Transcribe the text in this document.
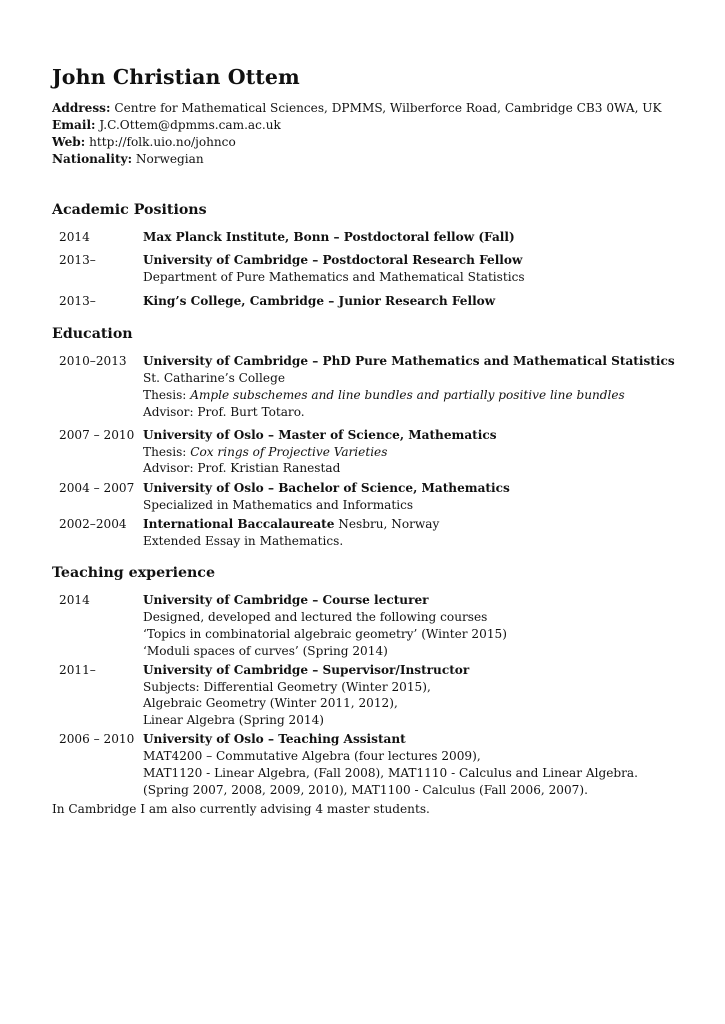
John Christian Ottem
Address: Centre for Mathematical Sciences, DPMMS, Wilberforce Road, Cambridge CB3 0WA, UK
Email: J.C.Ottem@dpmms.cam.ac.uk
Web: http://folk.uio.no/johnco
Nationality: Norwegian
Academic Positions
2014	Max Planck Institute, Bonn – Postdoctoral fellow (Fall)
2013–	University of Cambridge – Postdoctoral Research Fellow
Department of Pure Mathematics and Mathematical Statistics
2013–	King’s College, Cambridge – Junior Research Fellow
Education
2010–2013	University of Cambridge – PhD Pure Mathematics and Mathematical Statistics
St. Catharine’s College
Thesis: Ample subschemes and line bundles and partially positive line bundles
Advisor: Prof. Burt Totaro.
2007 – 2010 University of Oslo – Master of Science, Mathematics
Thesis: Cox rings of Projective Varieties
Advisor: Prof. Kristian Ranestad
2004 – 2007 University of Oslo – Bachelor of Science, Mathematics
Specialized in Mathematics and Informatics
2002–2004	International Baccalaureate Nesbru, Norway
Extended Essay in Mathematics.
Teaching experience
2014	University of Cambridge – Course lecturer
Designed, developed and lectured the following courses
‘Topics in combinatorial algebraic geometry’ (Winter 2015)
‘Moduli spaces of curves’ (Spring 2014)
2011–	University of Cambridge – Supervisor/Instructor
Subjects: Differential Geometry (Winter 2015),
Algebraic Geometry (Winter 2011, 2012),
Linear Algebra (Spring 2014)
2006 – 2010 University of Oslo – Teaching Assistant
MAT4200 – Commutative Algebra (four lectures 2009),
MAT1120 - Linear Algebra, (Fall 2008), MAT1110 - Calculus and Linear Algebra.
(Spring 2007, 2008, 2009, 2010), MAT1100 - Calculus (Fall 2006, 2007).
In Cambridge I am also currently advising 4 master students.
